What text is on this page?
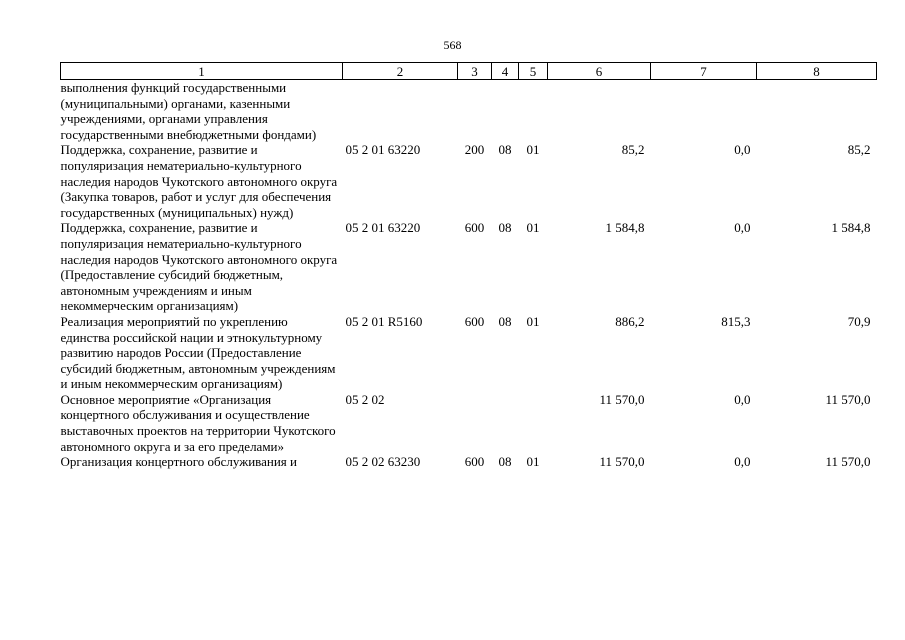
568
1	2	3	4	5	6	7	8
выполнения функций государственными (муниципальными) органами, казенными учреждениями, органами управления государственными внебюджетными фондами)							
Поддержка, сохранение, развитие и популяризация нематериально-культурного наследия народов Чукотского автономного округа (Закупка товаров, работ и услуг для обеспечения государственных (муниципальных) нужд)	05 2 01 63220	200	08	01	85,2	0,0	85,2
Поддержка, сохранение, развитие и популяризация нематериально-культурного наследия народов Чукотского автономного округа (Предоставление субсидий бюджетным, автономным учреждениям и иным некоммерческим организациям)	05 2 01 63220	600	08	01	1 584,8	0,0	1 584,8
Реализация мероприятий по укреплению единства российской нации и этнокультурному развитию народов России (Предоставление субсидий бюджетным, автономным учреждениям и иным некоммерческим организациям)	05 2 01 R5160	600	08	01	886,2	815,3	70,9
Основное мероприятие «Организация концертного обслуживания и осуществление выставочных проектов на территории Чукотского автономного округа и за его пределами»	05 2 02				11 570,0	0,0	11 570,0
Организация концертного обслуживания и	05 2 02 63230	600	08	01	11 570,0	0,0	11 570,0
